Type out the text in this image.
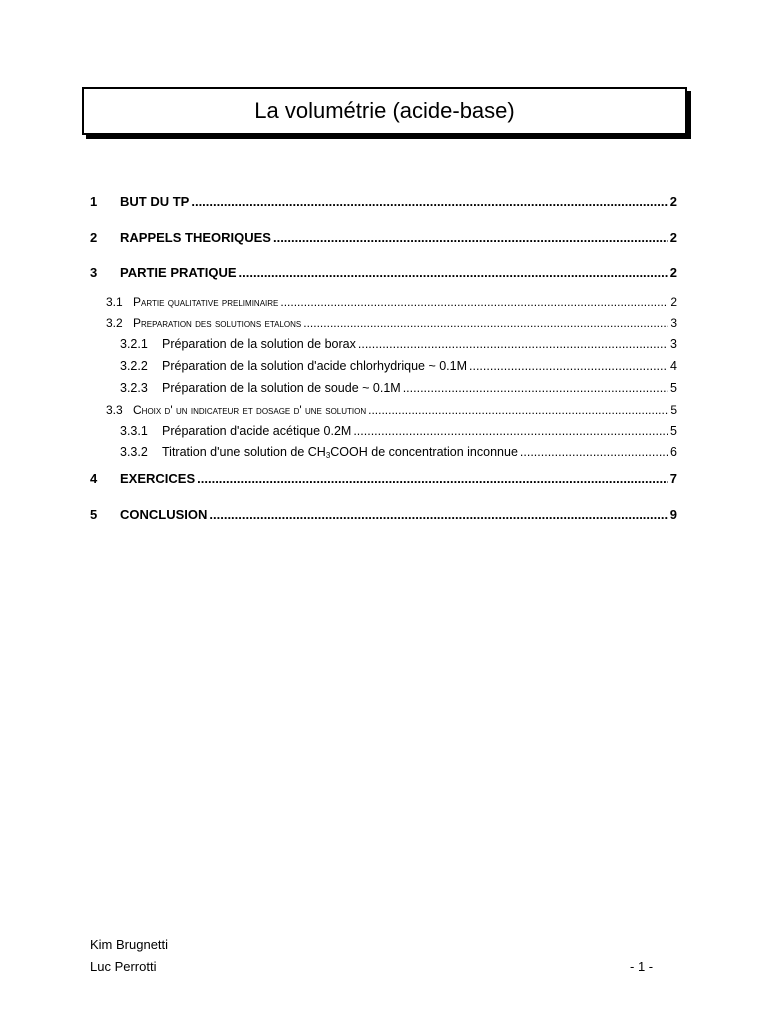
La volumétrie (acide-base)
1	BUT DU TP .....	2
2	RAPPELS THEORIQUES .....	2
3	PARTIE PRATIQUE .....	2
3.1 Partie qualitative preliminaire .....	2
3.2 Preparation des solutions etalons .....	3
3.2.1	Préparation de la solution de borax .....	3
3.2.2	Préparation de la solution d'acide chlorhydrique ~ 0.1M .....	4
3.2.3	Préparation de la solution de soude ~ 0.1M .....	5
3.3 Choix d' un indicateur et dosage d' une solution .....	5
3.3.1	Préparation d'acide acétique 0.2M .....	5
3.3.2	Titration d'une solution de $CH_3COOH$ de concentration inconnue .....	6
4	EXERCICES .....	7
5	CONCLUSION .....	9
Kim Brugnetti
Luc Perrotti	- 1 -
